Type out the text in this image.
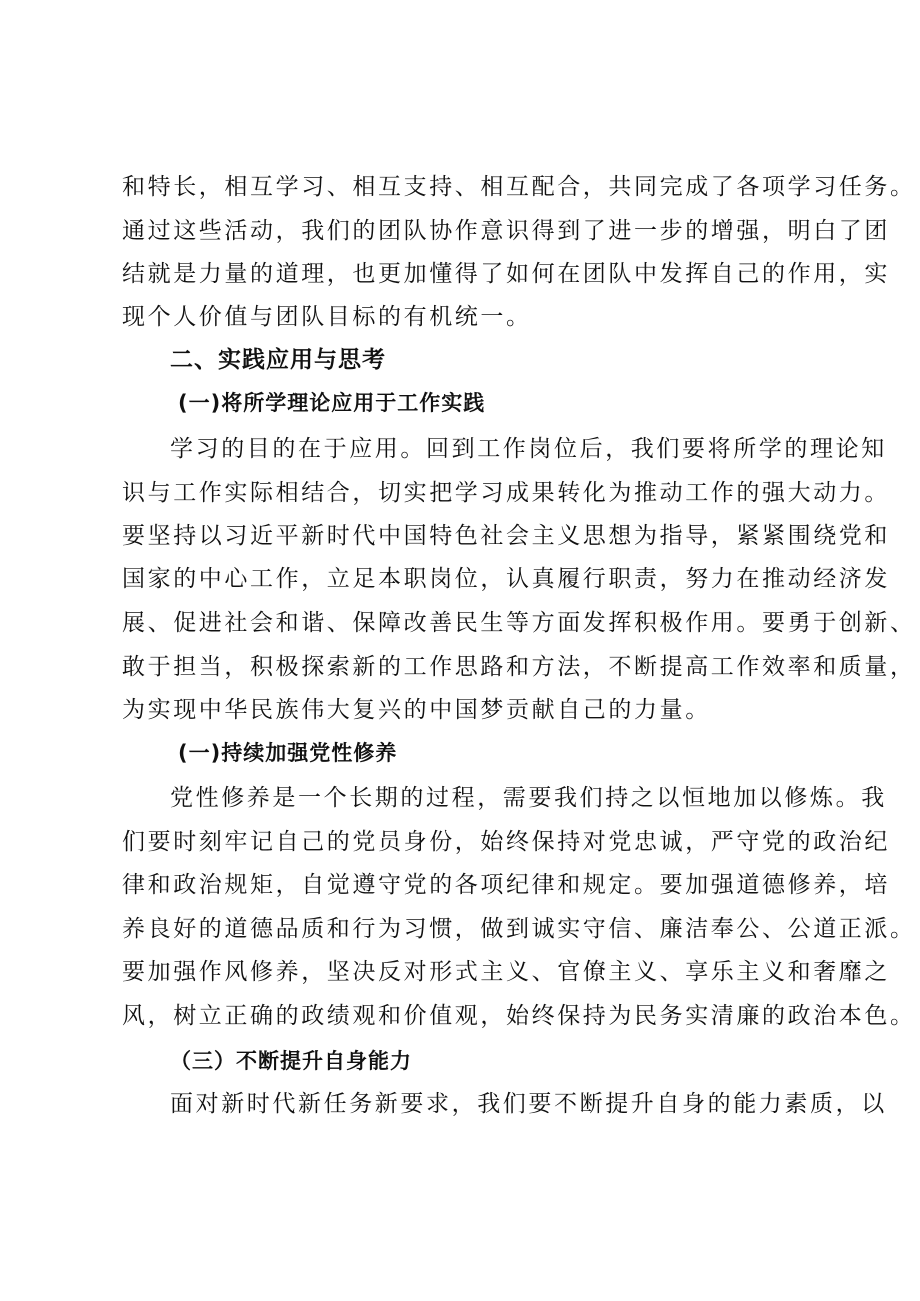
和特长，相互学习、相互支持、相互配合，共同完成了各项学习任务。
通过这些活动，我们的团队协作意识得到了进一步的增强，明白了团
结就是力量的道理，也更加懂得了如何在团队中发挥自己的作用，实
现个人价值与团队目标的有机统一。
二、实践应用与思考
(一)将所学理论应用于工作实践
学习的目的在于应用。回到工作岗位后，我们要将所学的理论知
识与工作实际相结合，切实把学习成果转化为推动工作的强大动力。
要坚持以习近平新时代中国特色社会主义思想为指导，紧紧围绕党和
国家的中心工作，立足本职岗位，认真履行职责，努力在推动经济发
展、促进社会和谐、保障改善民生等方面发挥积极作用。要勇于创新、
敢于担当，积极探索新的工作思路和方法，不断提高工作效率和质量，
为实现中华民族伟大复兴的中国梦贡献自己的力量。
(一)持续加强党性修养
党性修养是一个长期的过程，需要我们持之以恒地加以修炼。我
们要时刻牢记自己的党员身份，始终保持对党忠诚，严守党的政治纪
律和政治规矩，自觉遵守党的各项纪律和规定。要加强道德修养，培
养良好的道德品质和行为习惯，做到诚实守信、廉洁奉公、公道正派。
要加强作风修养，坚决反对形式主义、官僚主义、享乐主义和奢靡之
风，树立正确的政绩观和价值观，始终保持为民务实清廉的政治本色。
（三）不断提升自身能力
面对新时代新任务新要求，我们要不断提升自身的能力素质，以
